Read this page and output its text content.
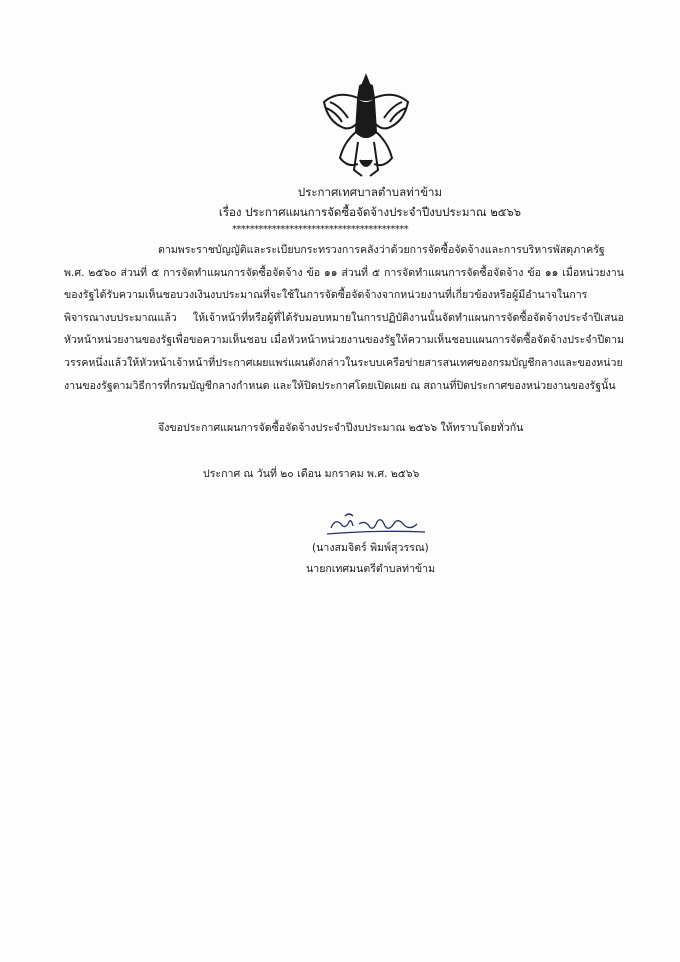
ประกาศเทศบาลตำบลท่าข้าม
เรื่อง ประกาศแผนการจัดซื้อจัดจ้างประจำปีงบประมาณ ๒๕๖๖
****************************************

ตามพระราชบัญญัติและระเบียบกระทรวงการคลังว่าด้วยการจัดซื้อจัดจ้างและการบริหารพัสดุภาครัฐ พ.ศ. ๒๕๖๐ ส่วนที่ ๕ การจัดทำแผนการจัดซื้อจัดจ้าง ข้อ ๑๑ ส่วนที่ ๕ การจัดทำแผนการจัดซื้อจัดจ้าง ข้อ ๑๑ เมื่อหน่วยงานของรัฐได้รับความเห็นชอบวงเงินงบประมาณที่จะใช้ในการจัดซื้อจัดจ้างจากหน่วยงานที่เกี่ยวข้องหรือผู้มีอำนาจในการพิจารณางบประมาณแล้ว ให้เจ้าหน้าที่หรือผู้ที่ได้รับมอบหมายในการปฏิบัติงานนั้นจัดทำแผนการจัดซื้อจัดจ้างประจำปีเสนอหัวหน้าหน่วยงานของรัฐเพื่อขอความเห็นชอบ เมื่อหัวหน้าหน่วยงานของรัฐให้ความเห็นชอบแผนการจัดซื้อจัดจ้างประจำปีตามวรรคหนึ่งแล้วให้หัวหน้าเจ้าหน้าที่ประกาศเผยแพร่แผนดังกล่าวในระบบเครือข่ายสารสนเทศของกรมบัญชีกลางและของหน่วยงานของรัฐตามวิธีการที่กรมบัญชีกลางกำหนด และให้ปิดประกาศโดยเปิดเผย ณ สถานที่ปิดประกาศของหน่วยงานของรัฐนั้น

จึงขอประกาศแผนการจัดซื้อจัดจ้างประจำปีงบประมาณ ๒๕๖๖ ให้ทราบโดยทั่วกัน
ประกาศ ณ วันที่ ๒๐ เดือน มกราคม พ.ศ. ๒๕๖๖
(นางสมจิตร์ พิมพ์สุวรรณ)
นายกเทศมนตรีตำบลท่าข้าม
